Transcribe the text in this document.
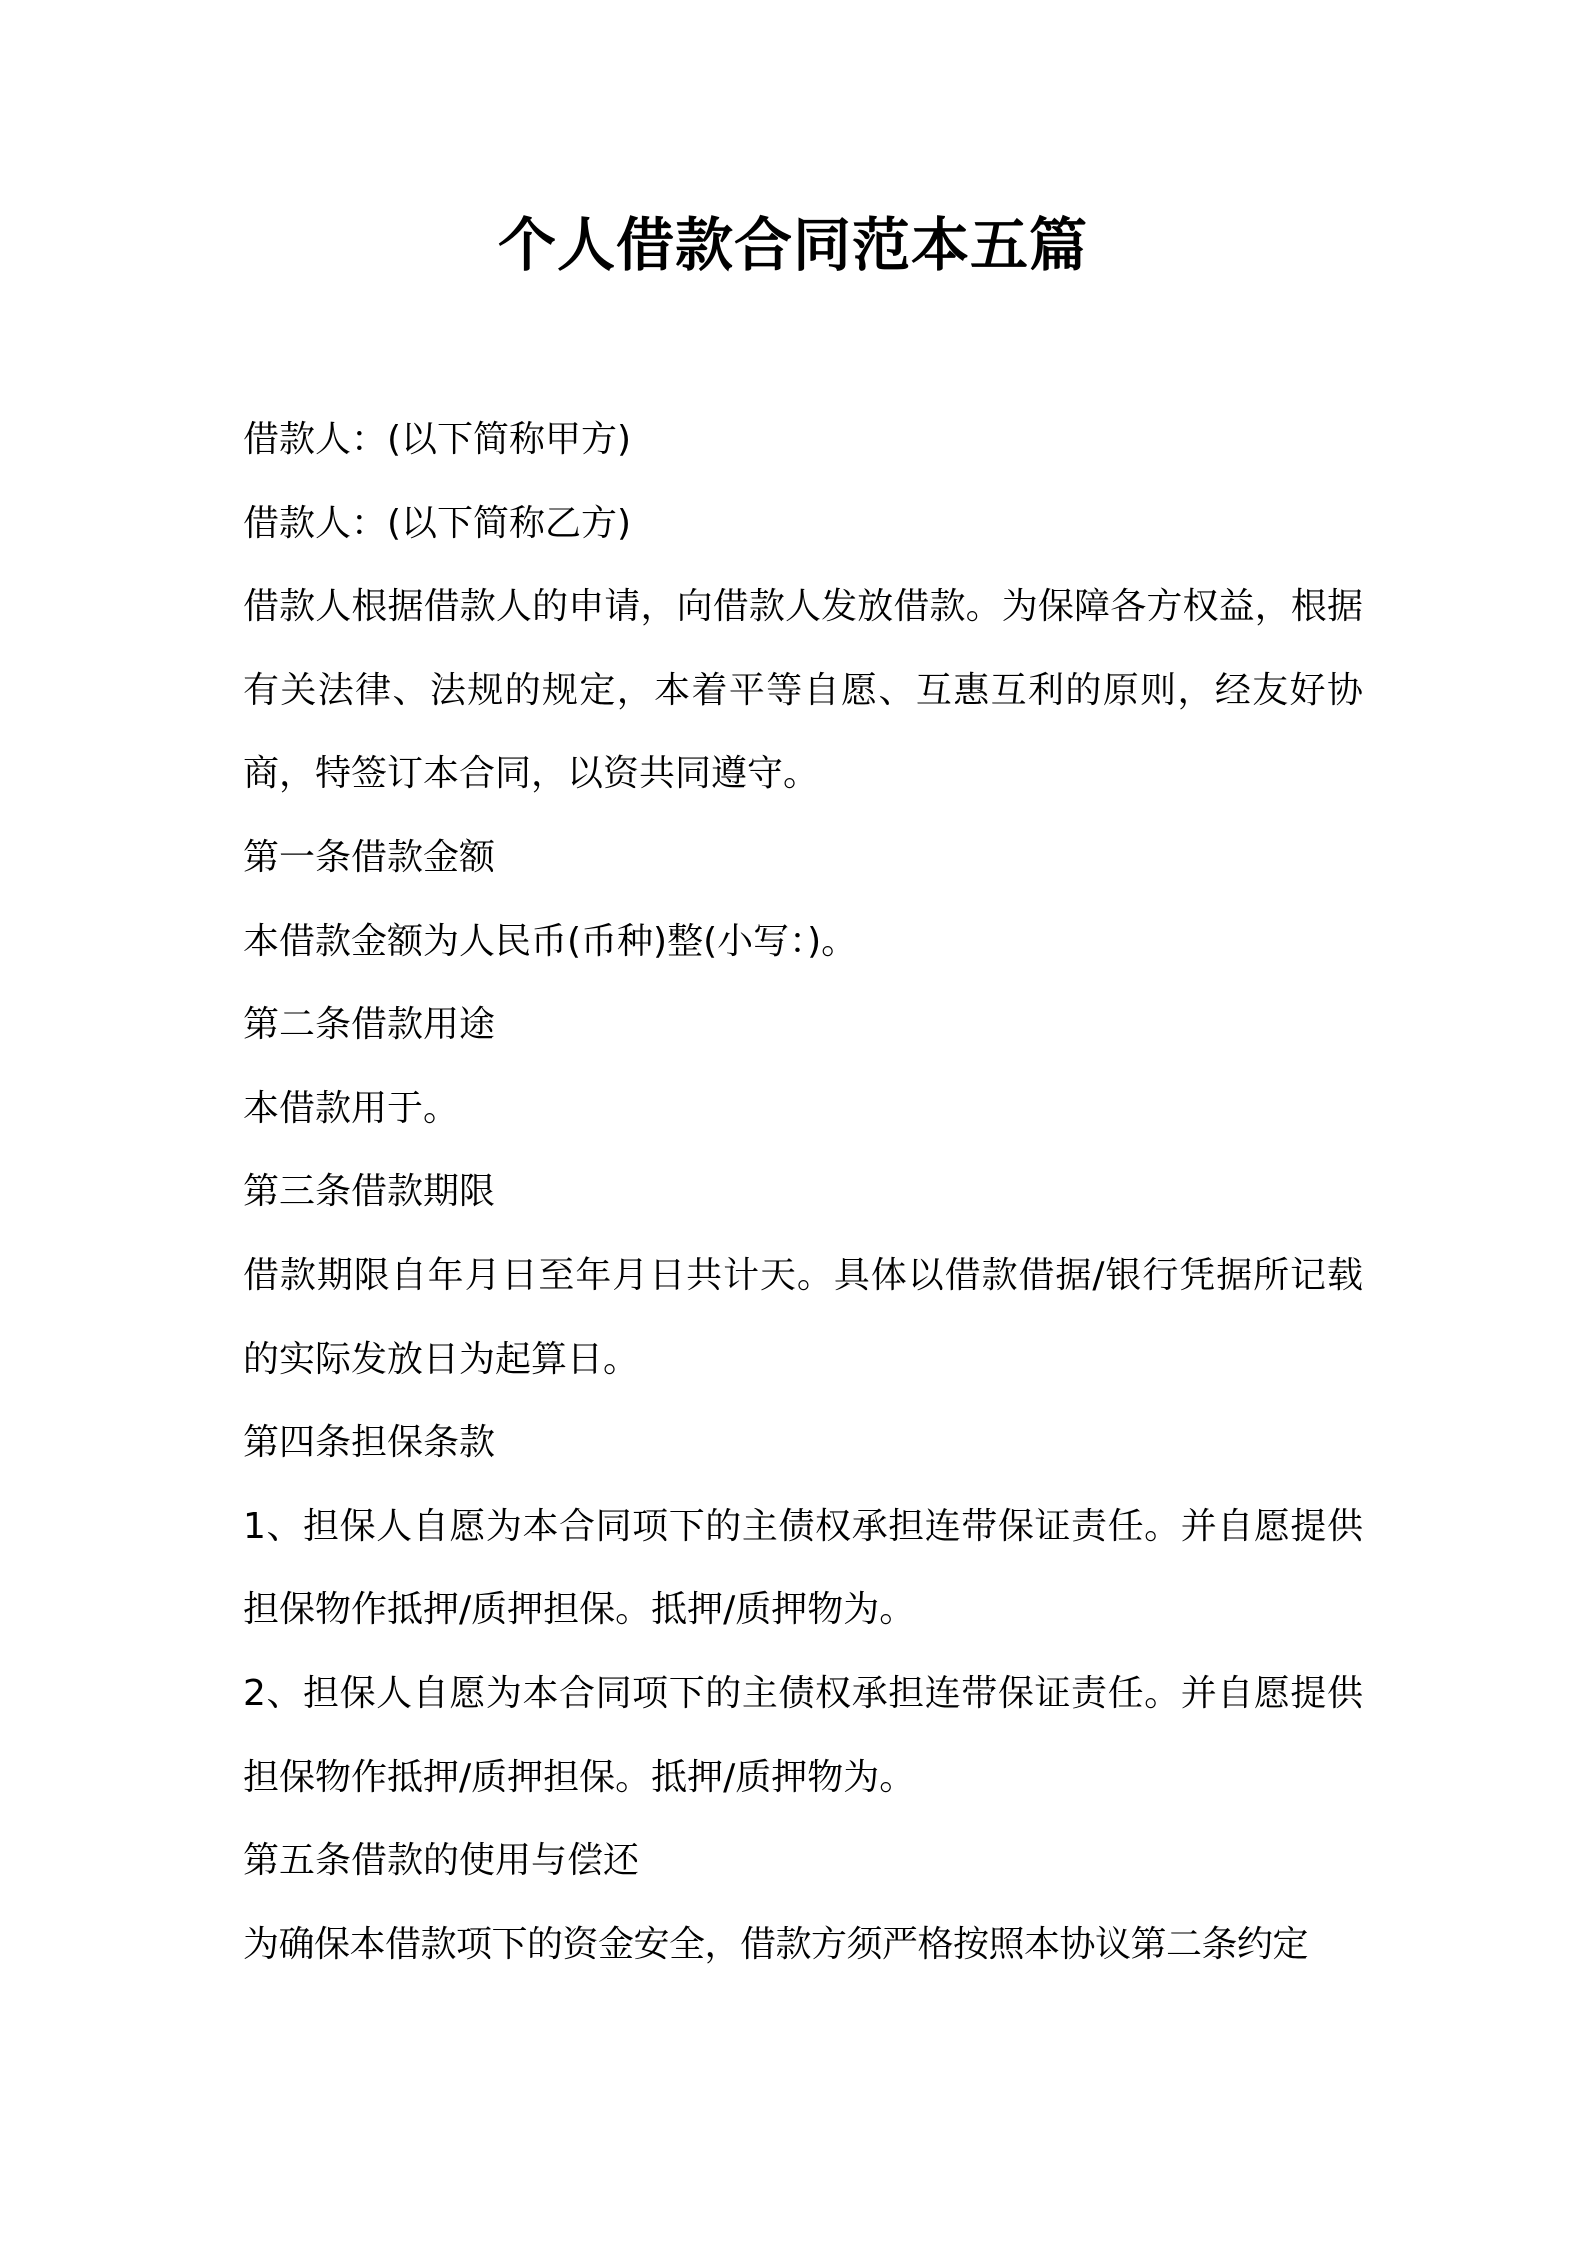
个人借款合同范本五篇

借款人：(以下简称甲方)

借款人：(以下简称乙方)

借款人根据借款人的申请，向借款人发放借款。为保障各方权益，根据有关法律、法规的规定，本着平等自愿、互惠互利的原则，经友好协商，特签订本合同，以资共同遵守。

第一条借款金额

本借款金额为人民币(币种)整(小写：)。

第二条借款用途

本借款用于。

第三条借款期限

借款期限自年月日至年月日共计天。具体以借款借据/银行凭据所记载的实际发放日为起算日。

第四条担保条款

1、担保人自愿为本合同项下的主债权承担连带保证责任。并自愿提供担保物作抵押/质押担保。抵押/质押物为。

2、担保人自愿为本合同项下的主债权承担连带保证责任。并自愿提供担保物作抵押/质押担保。抵押/质押物为。

第五条借款的使用与偿还

为确保本借款项下的资金安全，借款方须严格按照本协议第二条约定
